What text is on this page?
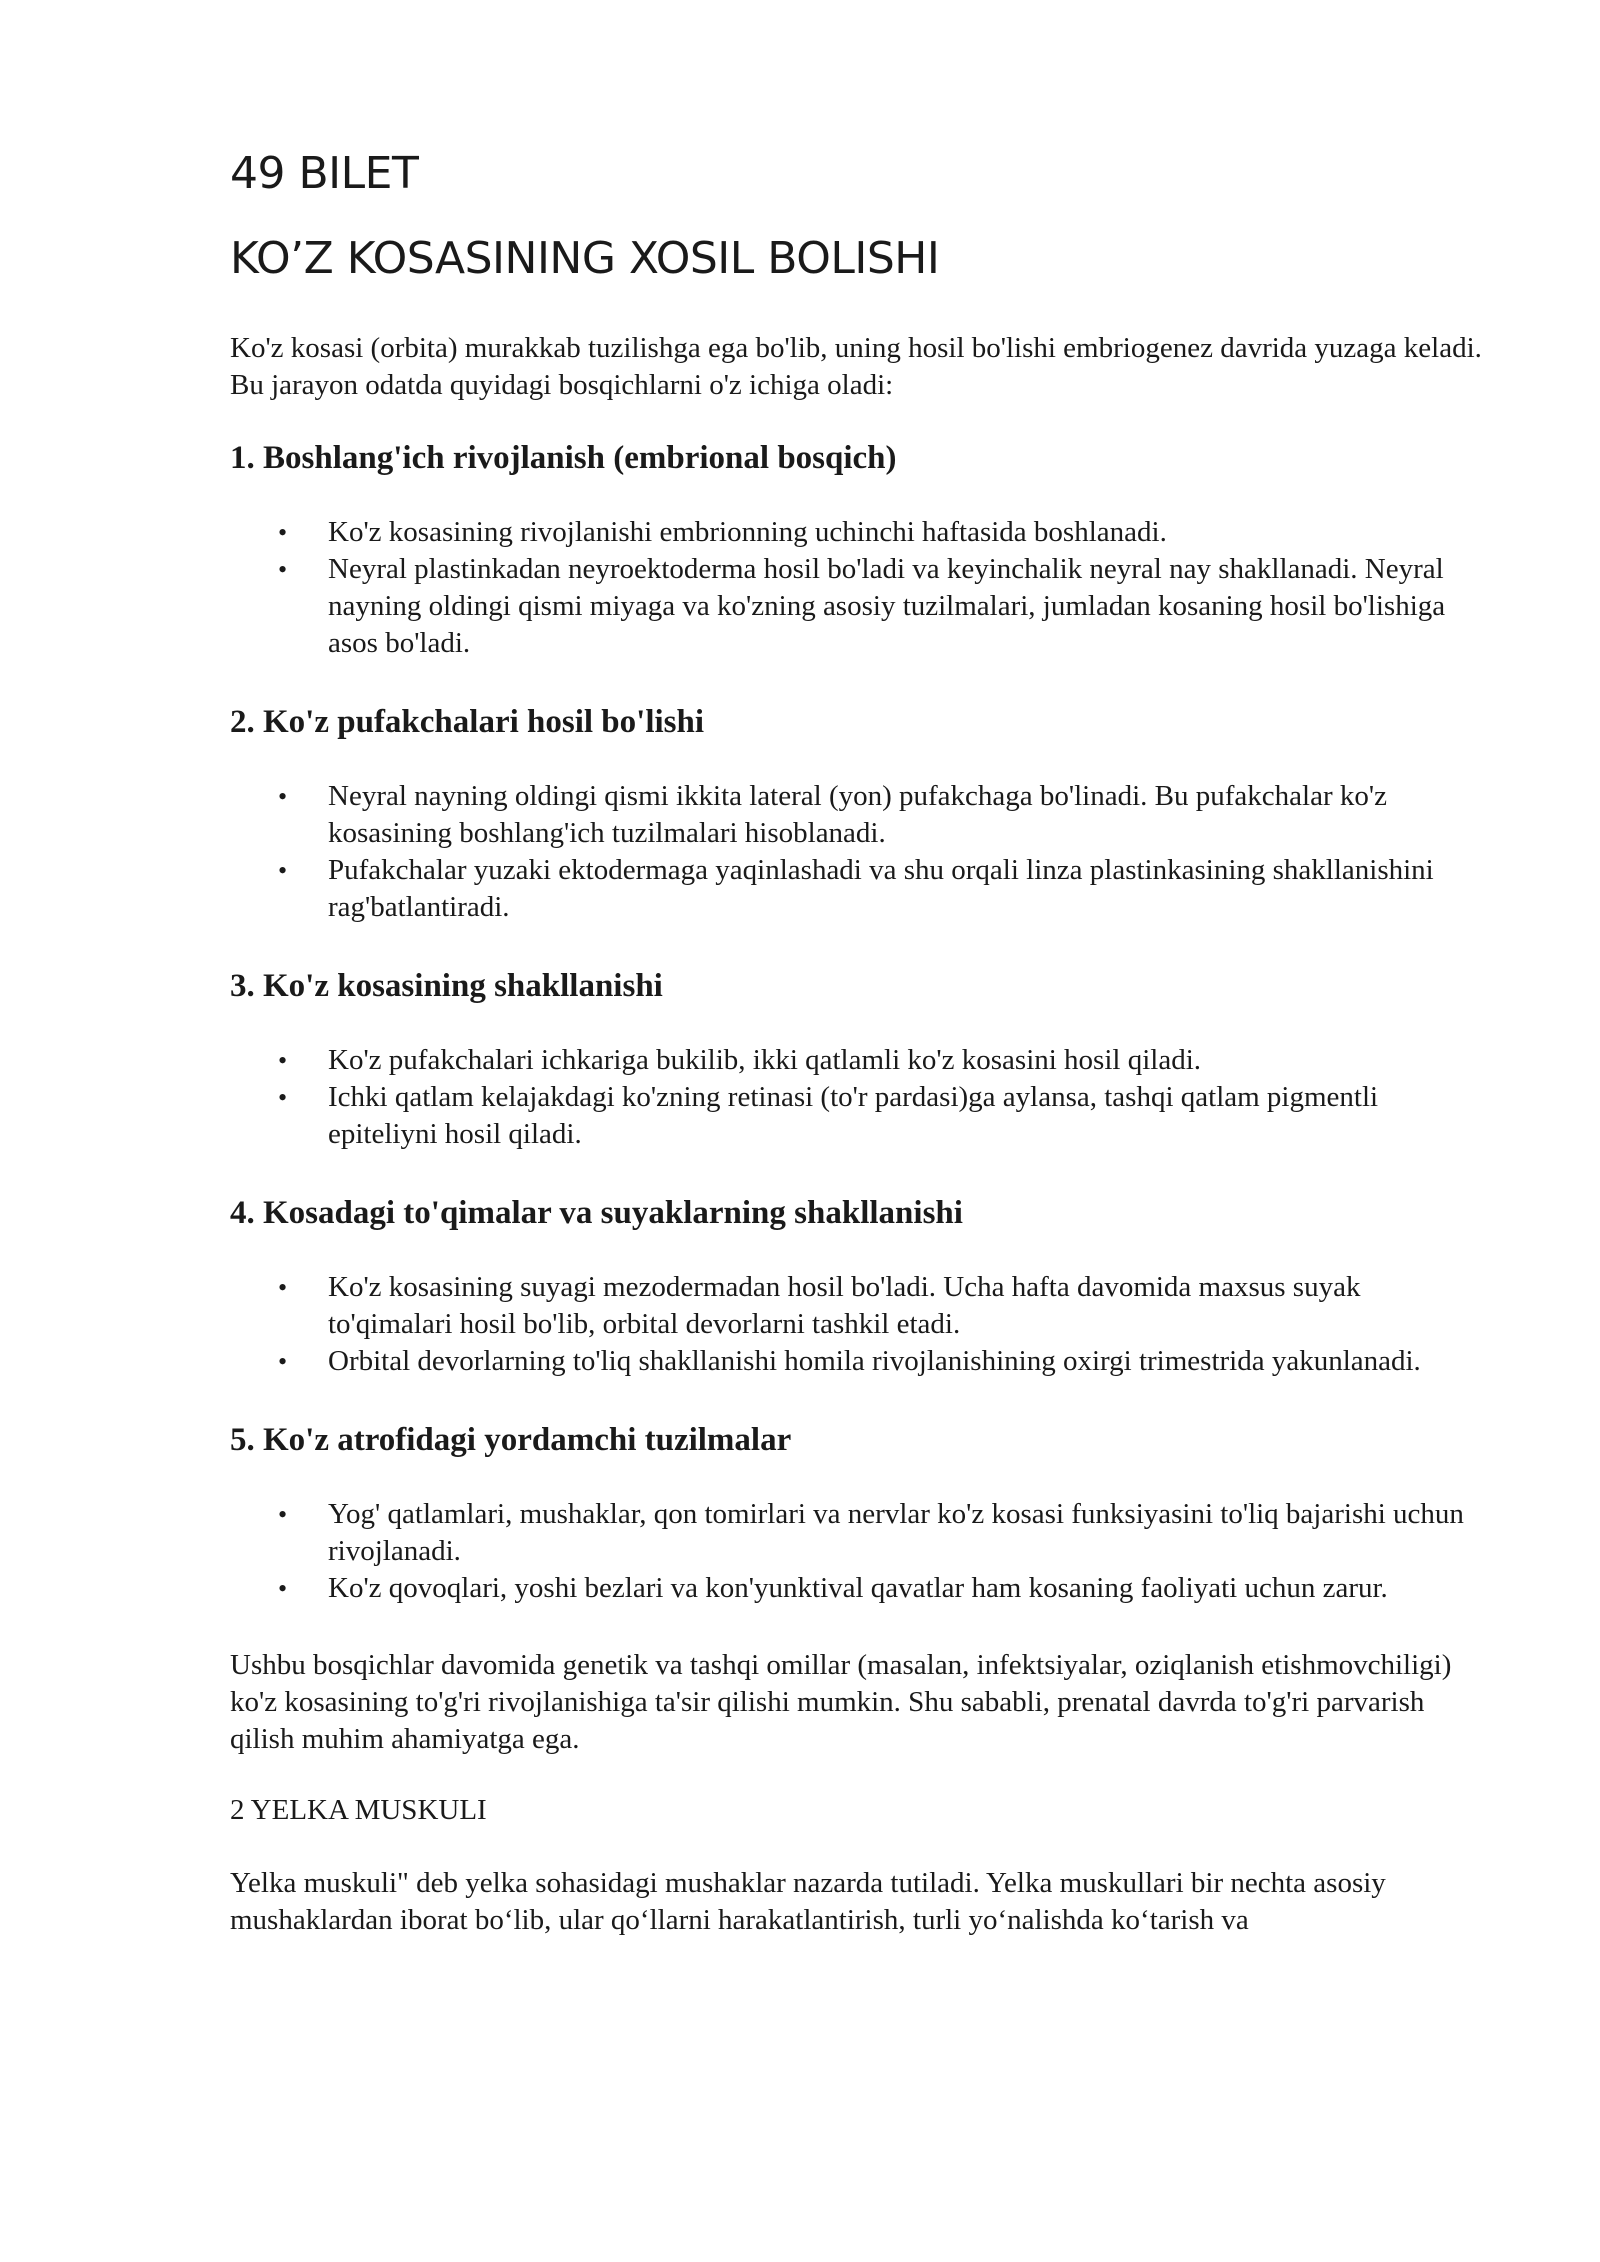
49 BILET
KO’Z KOSASINING XOSIL BOLISHI

Ko'z kosasi (orbita) murakkab tuzilishga ega bo'lib, uning hosil bo'lishi embriogenez davrida yuzaga keladi. Bu jarayon odatda quyidagi bosqichlarni o'z ichiga oladi:

1. Boshlang'ich rivojlanish (embrional bosqich)
• Ko'z kosasining rivojlanishi embrionning uchinchi haftasida boshlanadi.
• Neyral plastinkadan neyroektoderma hosil bo'ladi va keyinchalik neyral nay shakllanadi. Neyral nayning oldingi qismi miyaga va ko'zning asosiy tuzilmalari, jumladan kosaning hosil bo'lishiga asos bo'ladi.
2. Ko'z pufakchalari hosil bo'lishi
• Neyral nayning oldingi qismi ikkita lateral (yon) pufakchaga bo'linadi. Bu pufakchalar ko'z kosasining boshlang'ich tuzilmalari hisoblanadi.
• Pufakchalar yuzaki ektodermaga yaqinlashadi va shu orqali linza plastinkasining shakllanishini rag'batlantiradi.
3. Ko'z kosasining shakllanishi
• Ko'z pufakchalari ichkariga bukilib, ikki qatlamli ko'z kosasini hosil qiladi.
• Ichki qatlam kelajakdagi ko'zning retinasi (to'r pardasi)ga aylansa, tashqi qatlam pigmentli epiteliyni hosil qiladi.
4. Kosadagi to'qimalar va suyaklarning shakllanishi
• Ko'z kosasining suyagi mezodermadan hosil bo'ladi. Ucha hafta davomida maxsus suyak to'qimalari hosil bo'lib, orbital devorlarni tashkil etadi.
• Orbital devorlarning to'liq shakllanishi homila rivojlanishining oxirgi trimestrida yakunlanadi.
5. Ko'z atrofidagi yordamchi tuzilmalar
• Yog' qatlamlari, mushaklar, qon tomirlari va nervlar ko'z kosasi funksiyasini to'liq bajarishi uchun rivojlanadi.
• Ko'z qovoqlari, yoshi bezlari va kon'yunktival qavatlar ham kosaning faoliyati uchun zarur.

Ushbu bosqichlar davomida genetik va tashqi omillar (masalan, infektsiyalar, oziqlanish etishmovchiligi) ko'z kosasining to'g'ri rivojlanishiga ta'sir qilishi mumkin. Shu sababli, prenatal davrda to'g'ri parvarish qilish muhim ahamiyatga ega.

2 YELKA MUSKULI

Yelka muskuli" deb yelka sohasidagi mushaklar nazarda tutiladi. Yelka muskullari bir nechta asosiy mushaklardan iborat bo‘lib, ular qo‘llarni harakatlantirish, turli yo‘nalishda ko‘tarish va
